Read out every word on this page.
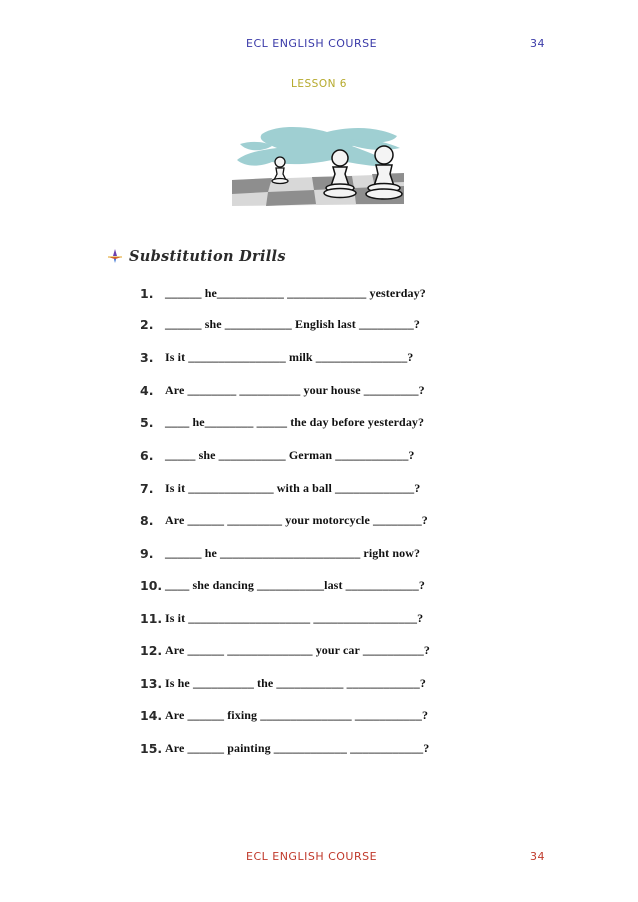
ECL ENGLISH COURSE	34
LESSON 6
Substitution Drills
1. ______ he___________ _____________ yesterday?
2. ______ she ___________ English last _________?
3. Is it ________________ milk _______________?
4. Are ________ __________ your house _________?
5. ____ he________ _____ the day before yesterday?
6. _____ she ___________ German ____________?
7. Is it ______________ with a ball _____________?
8. Are ______ _________ your motorcycle ________?
9. ______ he _______________________ right now?
10. ____ she dancing ___________last ____________?
11. Is it ____________________ _________________?
12. Are ______ ______________ your car __________?
13. Is he __________ the ___________ ____________?
14. Are ______ fixing _______________ ___________?
15. Are ______ painting ____________ ____________?
ECL ENGLISH COURSE	34
